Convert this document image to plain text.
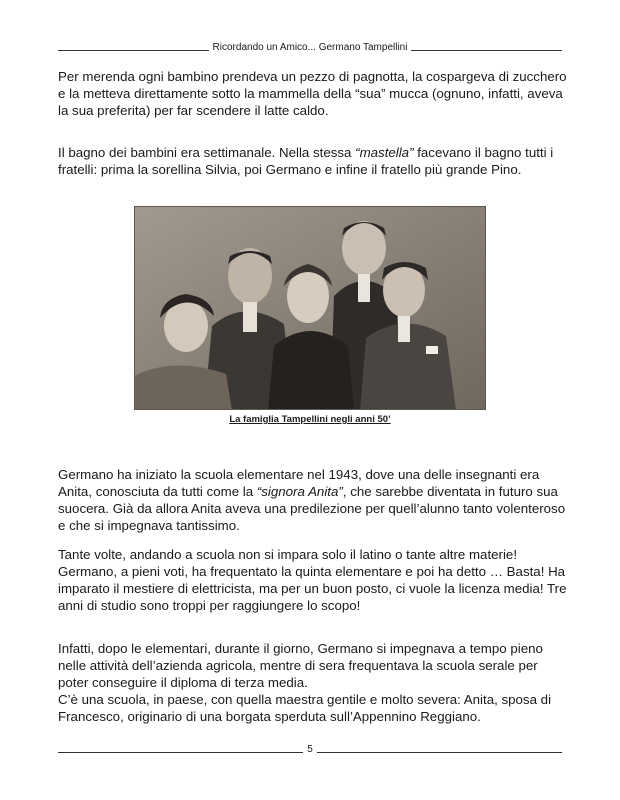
Ricordando un Amico... Germano Tampellini

Per merenda ogni bambino prendeva un pezzo di pagnotta, la cospargeva di zucchero e la metteva direttamente sotto la mammella della “sua” mucca (ognuno, infatti, aveva la sua preferita) per far scendere il latte caldo.

Il bagno dei bambini era settimanale. Nella stessa “mastella” facevano il bagno tutti i fratelli: prima la sorellina Silvia, poi Germano e infine il fratello più grande Pino.

La famiglia Tampellini negli anni 50’

Germano ha iniziato la scuola elementare nel 1943, dove una delle insegnanti era Anita, conosciuta da tutti come la “signora Anita”, che sarebbe diventata in futuro sua suocera. Già da allora Anita aveva una predilezione per quell’alunno tanto volenteroso e che si impegnava tantissimo.

Tante volte, andando a scuola non si impara solo il latino o tante altre materie! Germano, a pieni voti, ha frequentato la quinta elementare e poi ha detto … Basta! Ha imparato il mestiere di elettricista, ma per un buon posto, ci vuole la licenza media! Tre anni di studio sono troppi per raggiungere lo scopo!

Infatti, dopo le elementari, durante il giorno, Germano si impegnava a tempo pieno nelle attività dell’azienda agricola, mentre di sera frequentava la scuola serale per poter conseguire il diploma di terza media.

C’è una scuola, in paese, con quella maestra gentile e molto severa: Anita, sposa di Francesco, originario di una borgata sperduta sull’Appennino Reggiano.

5
